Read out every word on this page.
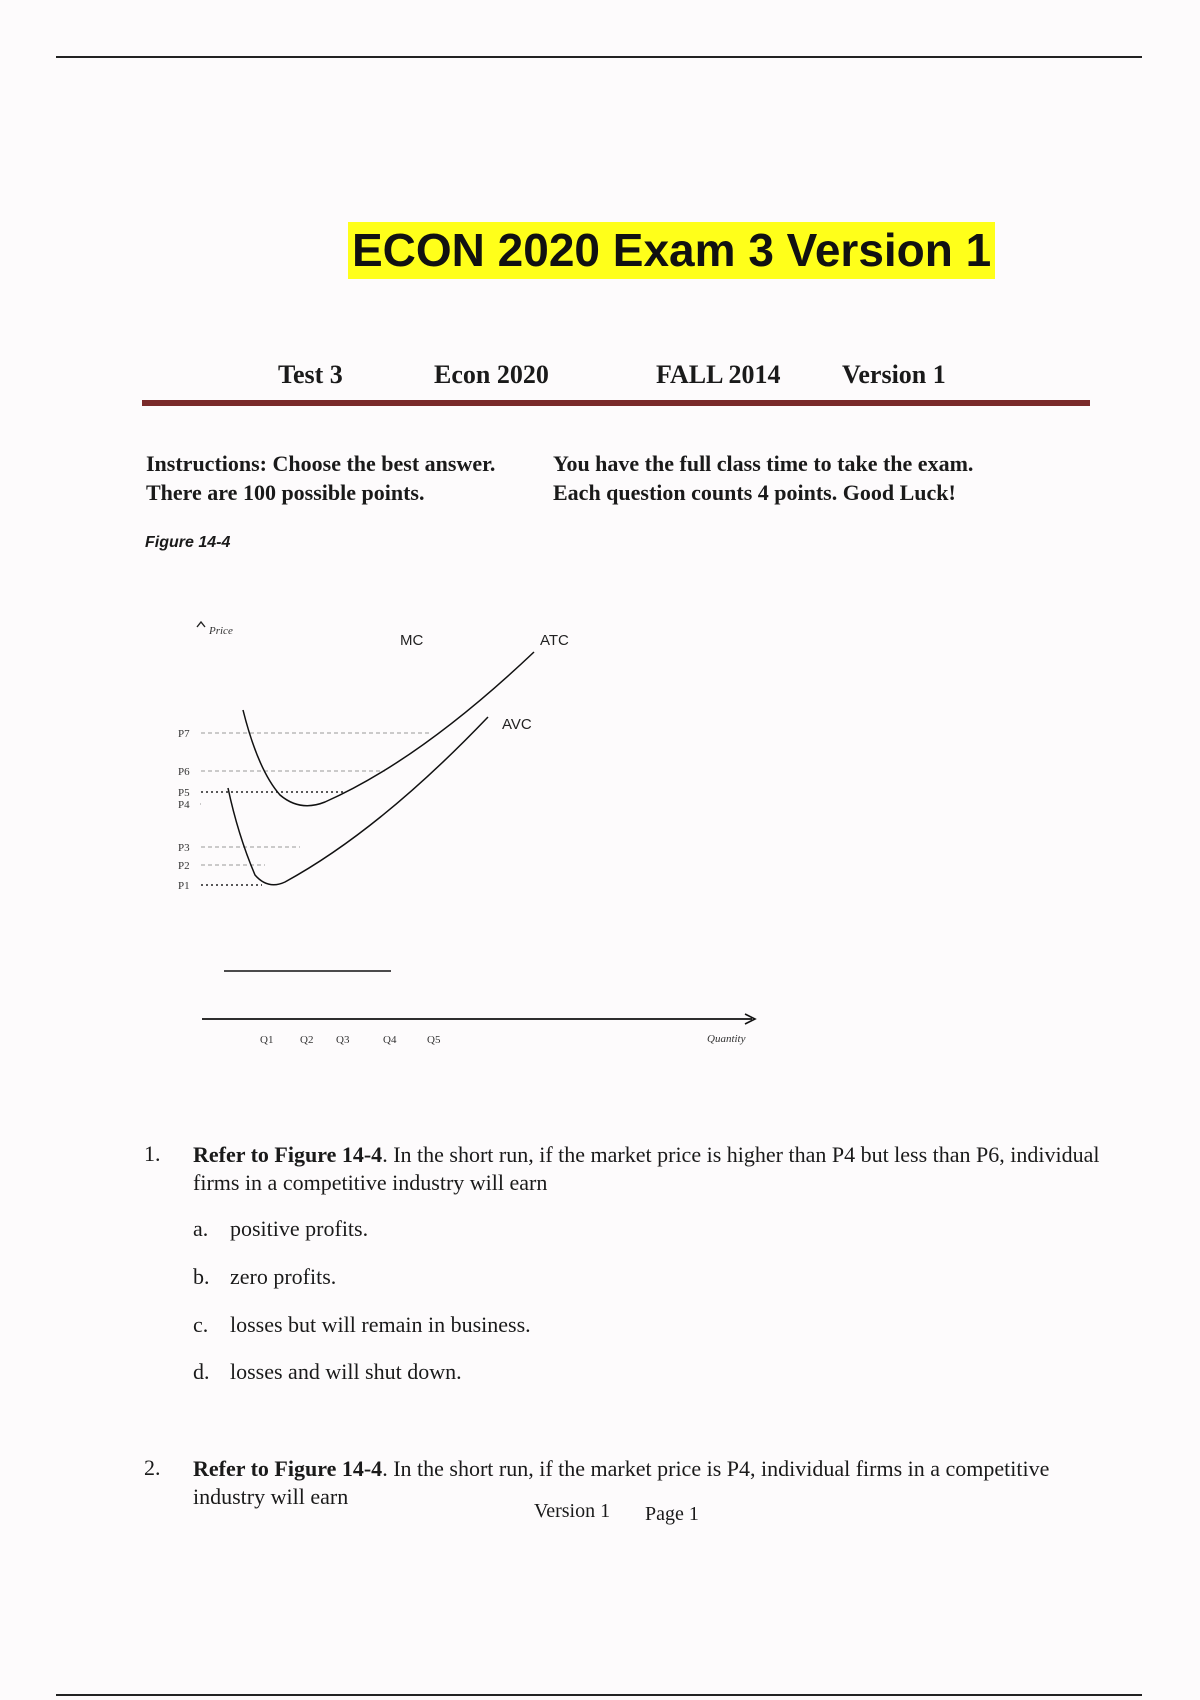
ECON 2020 Exam 3 Version 1
Test 3	Econ 2020	FALL 2014 Version 1
Instructions: Choose the best answer.	You have the full class time to take the exam.
There are 100 possible points.	Each question counts 4 points. Good Luck!
Figure 14-4
Price
P7
P6
P5
P4
P3
P2
P1
MC	ATC
AVC
Quantity
Q1 Q2 Q3	Q4	Q5
1. Refer to Figure 14-4. In the short run, if the market price is higher than P4 but less than P6, individual firms in a competitive industry will earn
a. positive profits.
b. zero profits.
c. losses but will remain in business.
d. losses and will shut down.
2. Refer to Figure 14-4. In the short run, if the market price is P4, individual firms in a competitive industry will earn
Version 1 Page 1
